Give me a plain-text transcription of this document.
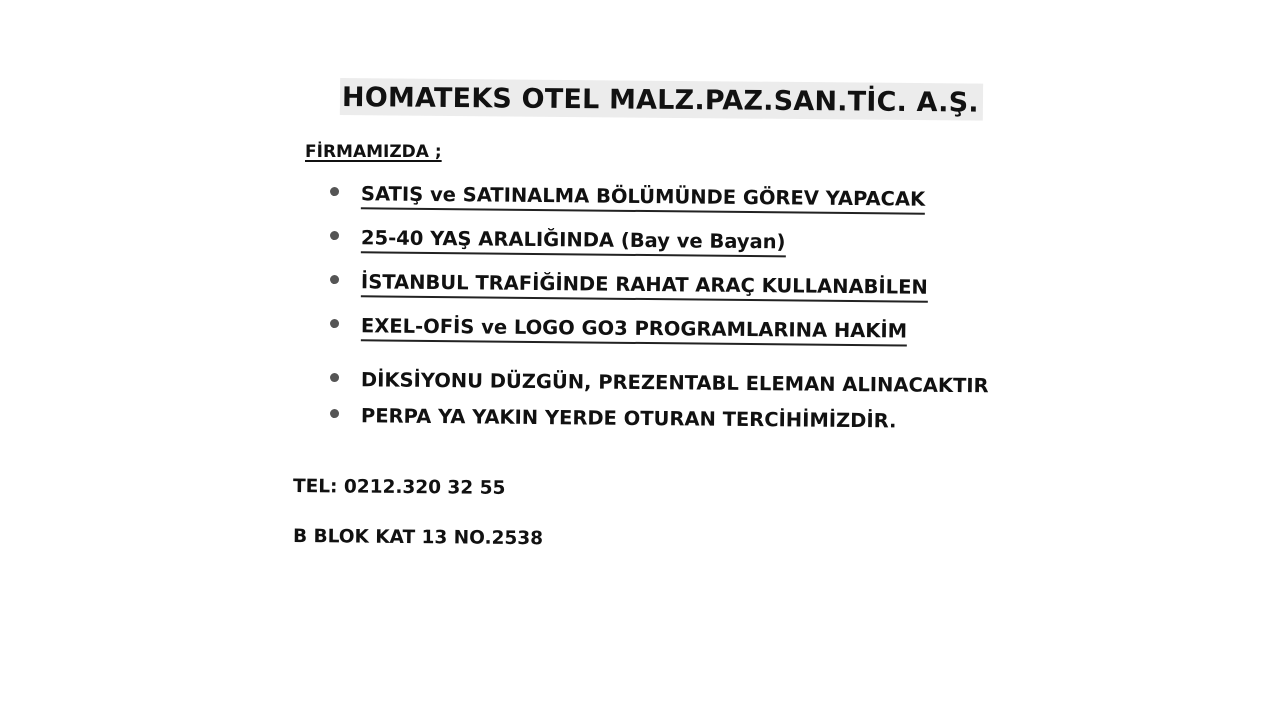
HOMATEKS OTEL MALZ.PAZ.SAN.TİC. A.Ş.
FİRMAMIZDA ;
SATIŞ ve SATINALMA BÖLÜMÜNDE GÖREV YAPACAK
25-40 YAŞ ARALIĞINDA (Bay ve Bayan)
İSTANBUL TRAFİĞİNDE RAHAT ARAÇ KULLANABİLEN
EXEL-OFİS ve LOGO GO3 PROGRAMLARINA HAKİM
DİKSİYONU DÜZGÜN, PREZENTABL ELEMAN ALINACAKTIR
PERPA YA YAKIN YERDE OTURAN TERCİHİMİZDİR.
TEL: 0212.320 32 55
B BLOK KAT 13 NO.2538
